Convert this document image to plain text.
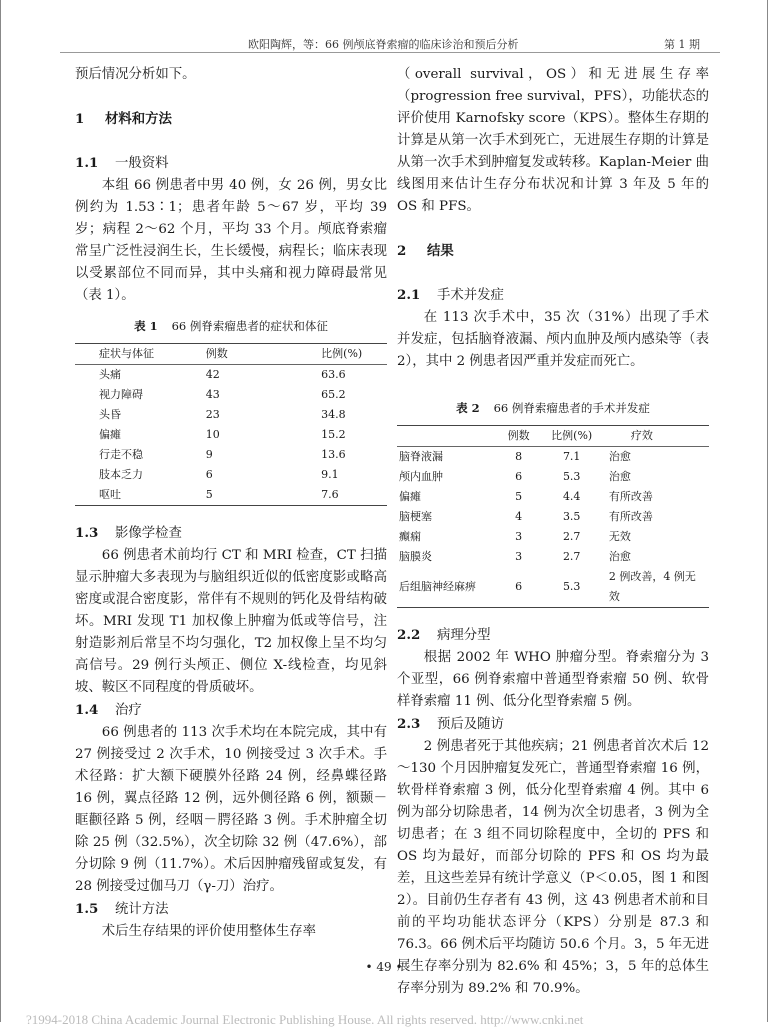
欧阳陶辉，等：66 例颅底脊索瘤的临床诊治和预后分析	第 1 期

预后情况分析如下。

1 材料和方法
1.1 一般资料

本组 66 例患者中男 40 例，女 26 例，男女比例约为 1.53∶1；患者年龄 5～67 岁，平均 39 岁；病程 2～62 个月，平均 33 个月。颅底脊索瘤常呈广泛性浸润生长，生长缓慢，病程长；临床表现以受累部位不同而异，其中头痛和视力障碍最常见（表 1）。

表 1 66 例脊索瘤患者的症状和体征
症状与体征	例数	比例(%)
头痛	42	63.6
视力障碍	43	65.2
头昏	23	34.8
偏瘫	10	15.2
行走不稳	9	13.6
肢本乏力	6	9.1
呕吐	5	7.6
1.3 影像学检查

66 例患者术前均行 CT 和 MRI 检查，CT 扫描显示肿瘤大多表现为与脑组织近似的低密度影或略高密度或混合密度影，常伴有不规则的钙化及骨结构破坏。MRI 发现 T1 加权像上肿瘤为低或等信号，注射造影剂后常呈不均匀强化，T2 加权像上呈不均匀高信号。29 例行头颅正、侧位 X-线检查，均见斜坡、鞍区不同程度的骨质破坏。

1.4 治疗

66 例患者的 113 次手术均在本院完成，其中有 27 例接受过 2 次手术，10 例接受过 3 次手术。手术径路：扩大额下硬膜外径路 24 例，经鼻蝶径路 16 例，翼点径路 12 例，远外侧径路 6 例，额颞－眶颧径路 5 例，经咽－腭径路 3 例。手术肿瘤全切除 25 例（32.5%），次全切除 32 例（47.6%），部分切除 9 例（11.7%）。术后因肿瘤残留或复发，有 28 例接受过伽马刀（γ-刀）治疗。

1.5 统计方法

术后生存结果的评价使用整体生存率

（overall survival，OS）和无进展生存率（progression free survival，PFS），功能状态的评价使用 Karnofsky score（KPS）。整体生存期的计算是从第一次手术到死亡，无进展生存期的计算是从第一次手术到肿瘤复发或转移。Kaplan-Meier 曲线图用来估计生存分布状况和计算 3 年及 5 年的 OS 和 PFS。

2 结果
2.1 手术并发症

在 113 次手术中，35 次（31%）出现了手术并发症，包括脑脊液漏、颅内血肿及颅内感染等（表 2），其中 2 例患者因严重并发症而死亡。

表 2 66 例脊索瘤患者的手术并发症
	例数	比例(%)	疗效
脑脊液漏	8	7.1	治愈
颅内血肿	6	5.3	治愈
偏瘫	5	4.4	有所改善
脑梗塞	4	3.5	有所改善
癫痫	3	2.7	无效
脑膜炎	3	2.7	治愈
后组脑神经麻痹	6	5.3	2 例改善，4 例无效
2.2 病理分型

根据 2002 年 WHO 肿瘤分型。脊索瘤分为 3 个亚型，66 例脊索瘤中普通型脊索瘤 50 例、软骨样脊索瘤 11 例、低分化型脊索瘤 5 例。

2.3 预后及随访

2 例患者死于其他疾病；21 例患者首次术后 12～130 个月因肿瘤复发死亡，普通型脊索瘤 16 例，软骨样脊索瘤 3 例，低分化型脊索瘤 4 例。其中 6 例为部分切除患者，14 例为次全切患者，3 例为全切患者；在 3 组不同切除程度中，全切的 PFS 和 OS 均为最好，而部分切除的 PFS 和 OS 均为最差，且这些差异有统计学意义（P＜0.05，图 1 和图 2）。目前仍生存者有 43 例，这 43 例患者术前和目前的平均功能状态评分（KPS）分别是 87.3 和 76.3。66 例术后平均随访 50.6 个月。3，5 年无进展生存率分别为 82.6% 和 45%；3，5 年的总体生存率分别为 89.2% 和 70.9%。

• 49 •
?1994-2018 China Academic Journal Electronic Publishing House. All rights reserved. http://www.cnki.net
